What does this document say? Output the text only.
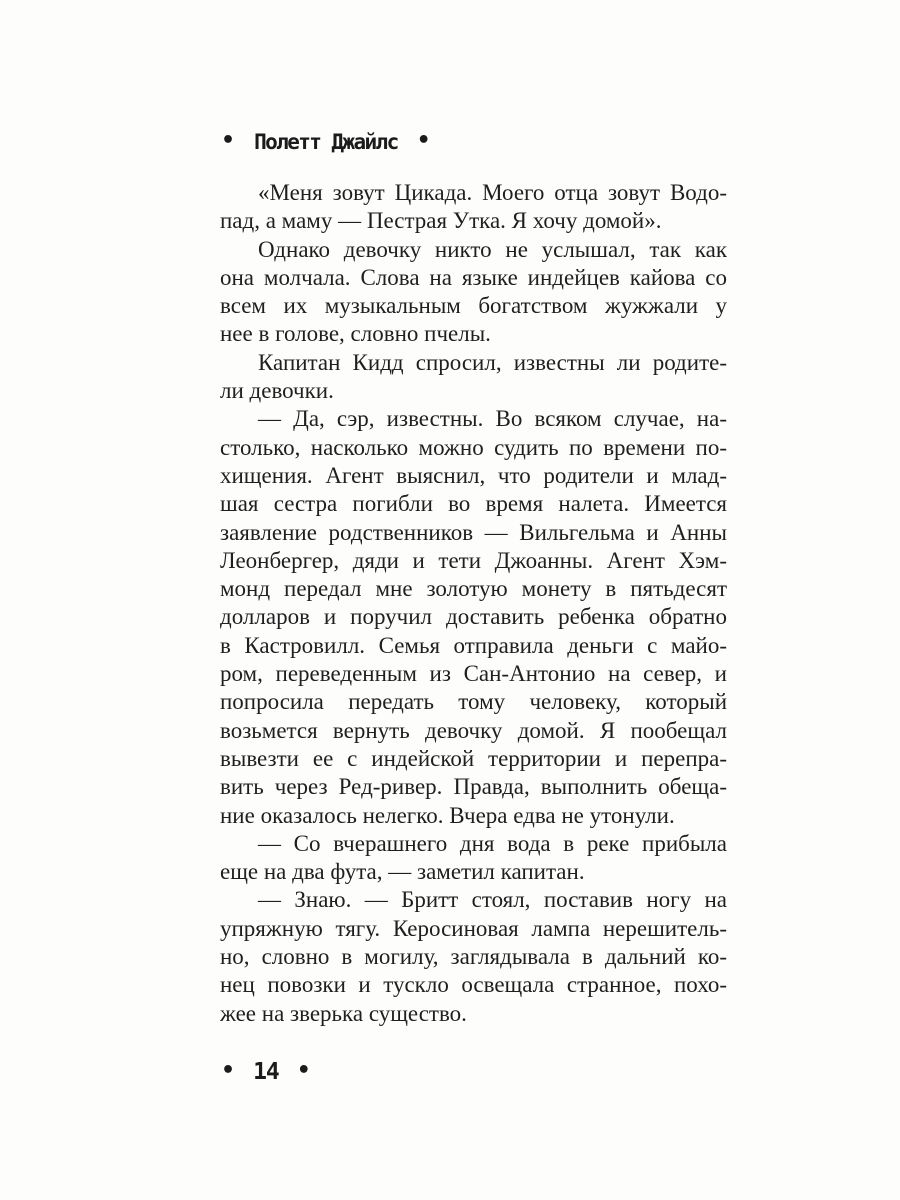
• Полетт Джайлс •
«Меня зовут Цикада. Моего отца зовут Водо-
пад, а маму — Пестрая Утка. Я хочу домой».
Однако девочку никто не услышал, так как
она молчала. Слова на языке индейцев кайова со
всем их музыкальным богатством жужжали у
нее в голове, словно пчелы.
Капитан Кидд спросил, известны ли родите-
ли девочки.
— Да, сэр, известны. Во всяком случае, на-
столько, насколько можно судить по времени по-
хищения. Агент выяснил, что родители и млад-
шая сестра погибли во время налета. Имеется
заявление родственников — Вильгельма и Анны
Леонбергер, дяди и тети Джоанны. Агент Хэм-
монд передал мне золотую монету в пятьдесят
долларов и поручил доставить ребенка обратно
в Кастровилл. Семья отправила деньги с майо-
ром, переведенным из Сан-Антонио на север, и
попросила передать тому человеку, который
возьмется вернуть девочку домой. Я пообещал
вывезти ее с индейской территории и перепра-
вить через Ред-ривер. Правда, выполнить обеща-
ние оказалось нелегко. Вчера едва не утонули.
— Со вчерашнего дня вода в реке прибыла
еще на два фута, — заметил капитан.
— Знаю. — Бритт стоял, поставив ногу на
упряжную тягу. Керосиновая лампа нерешитель-
но, словно в могилу, заглядывала в дальний ко-
нец повозки и тускло освещала странное, похо-
жее на зверька существо.
• 14 •
